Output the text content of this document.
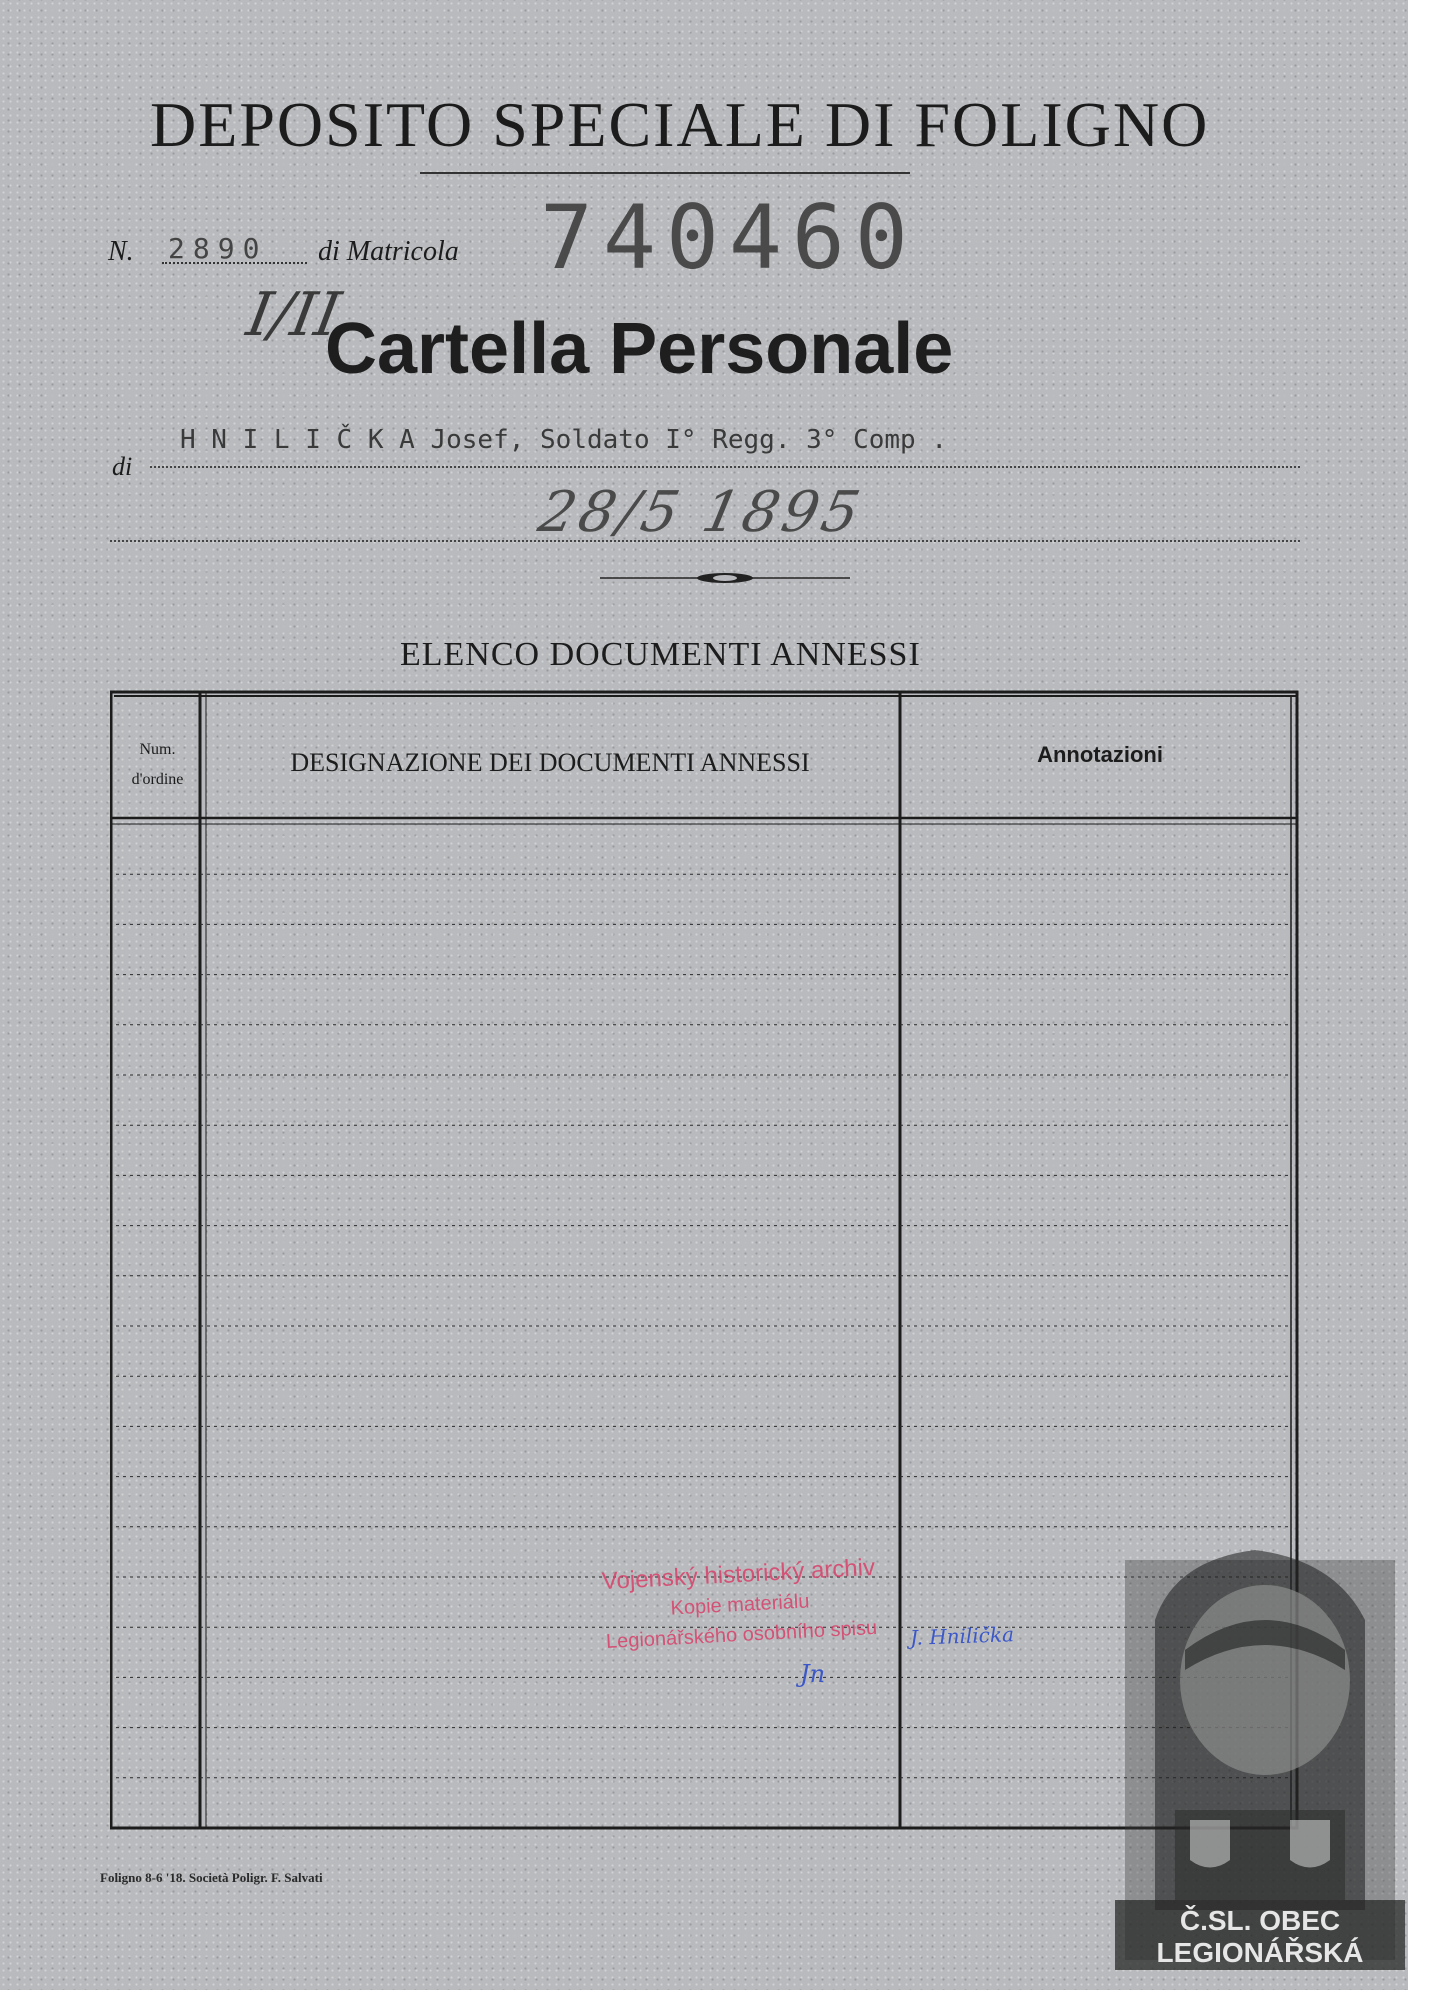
DEPOSITO SPECIALE DI FOLIGNO
N. 2890 di Matricola 740460
I/II
Cartella Personale
di
H N I L I Č K A Josef, Soldato I° Regg. 3° Comp .
28/5 1895
ELENCO DOCUMENTI ANNESSI
Num.
d'ordine
DESIGNAZIONE DEI DOCUMENTI ANNESSI	Annotazioni
Vojenský historický archiv
Kopie materiálu
Legionářského osobního spisu	J. Hnilička
Jn
Foligno 8-6 '18. Società Poligr. F. Salvati
Č.SL. OBEC
LEGIONÁŘSKÁ
